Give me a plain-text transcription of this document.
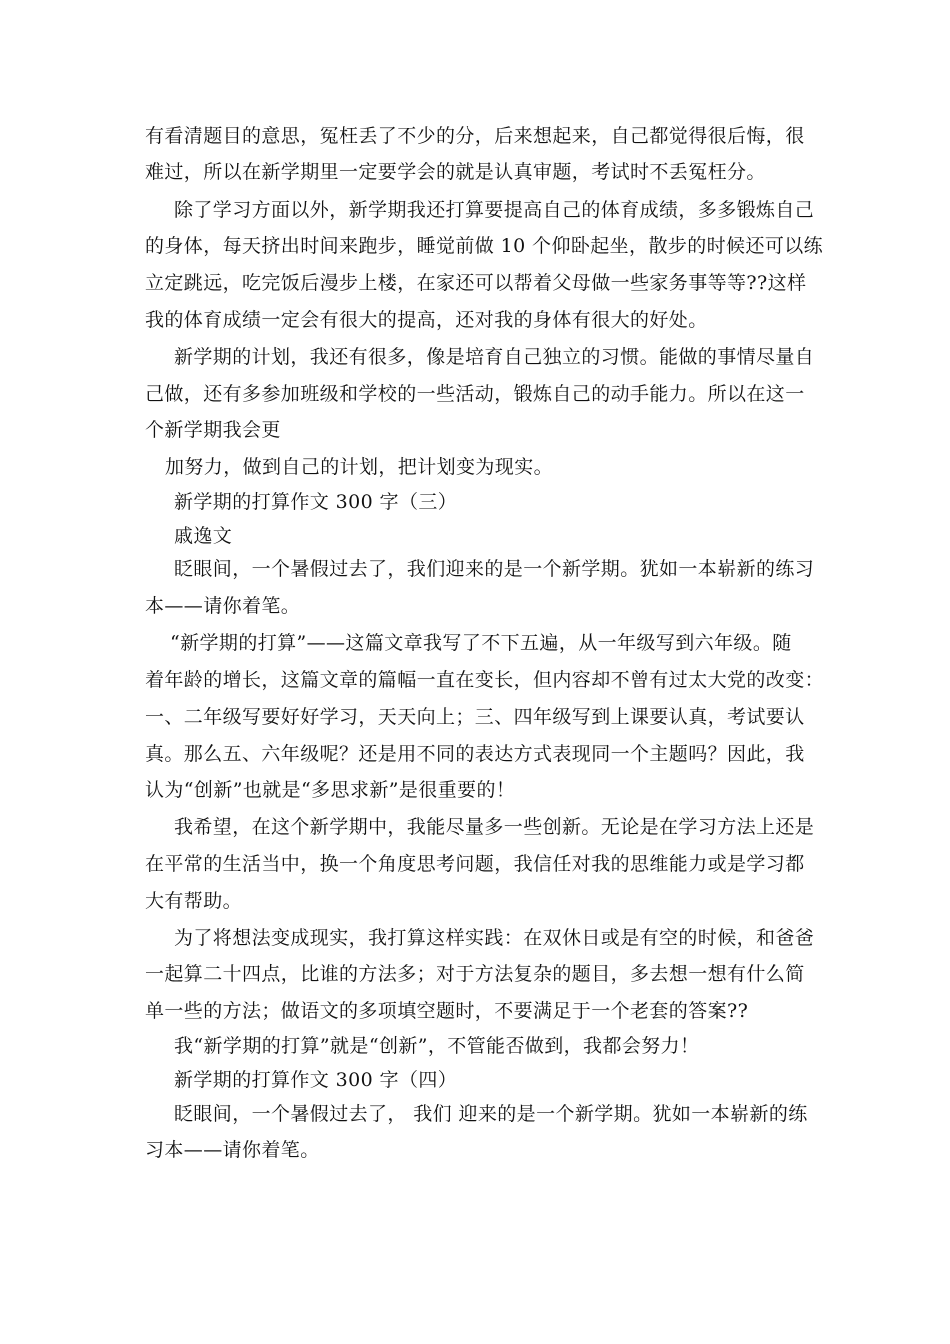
有看清题目的意思，冤枉丢了不少的分，后来想起来，自己都觉得很后悔，很

难过，所以在新学期里一定要学会的就是认真审题，考试时不丢冤枉分。

除了学习方面以外，新学期我还打算要提高自己的体育成绩，多多锻炼自己

的身体，每天挤出时间来跑步，睡觉前做 10 个仰卧起坐，散步的时候还可以练

立定跳远，吃完饭后漫步上楼，在家还可以帮着父母做一些家务事等等??这样

我的体育成绩一定会有很大的提高，还对我的身体有很大的好处。

新学期的计划，我还有很多，像是培育自己独立的习惯。能做的事情尽量自

己做，还有多参加班级和学校的一些活动，锻炼自己的动手能力。所以在这一

个新学期我会更

加努力，做到自己的计划，把计划变为现实。

新学期的打算作文 300 字（三）

戚逸文

眨眼间，一个暑假过去了，我们迎来的是一个新学期。犹如一本崭新的练习

本——请你着笔。

“新学期的打算”——这篇文章我写了不下五遍，从一年级写到六年级。随

着年龄的增长，这篇文章的篇幅一直在变长，但内容却不曾有过太大党的改变：

一、二年级写要好好学习，天天向上；三、四年级写到上课要认真，考试要认

真。那么五、六年级呢？还是用不同的表达方式表现同一个主题吗？因此，我

认为“创新”也就是“多思求新”是很重要的！

我希望，在这个新学期中，我能尽量多一些创新。无论是在学习方法上还是

在平常的生活当中，换一个角度思考问题，我信任对我的思维能力或是学习都

大有帮助。

为了将想法变成现实，我打算这样实践：在双休日或是有空的时候，和爸爸

一起算二十四点，比谁的方法多；对于方法复杂的题目，多去想一想有什么简

单一些的方法；做语文的多项填空题时，不要满足于一个老套的答案??

我“新学期的打算”就是“创新”，不管能否做到，我都会努力！

新学期的打算作文 300 字（四）

眨眼间，一个暑假过去了， 我们 迎来的是一个新学期。犹如一本崭新的练

习本——请你着笔。
